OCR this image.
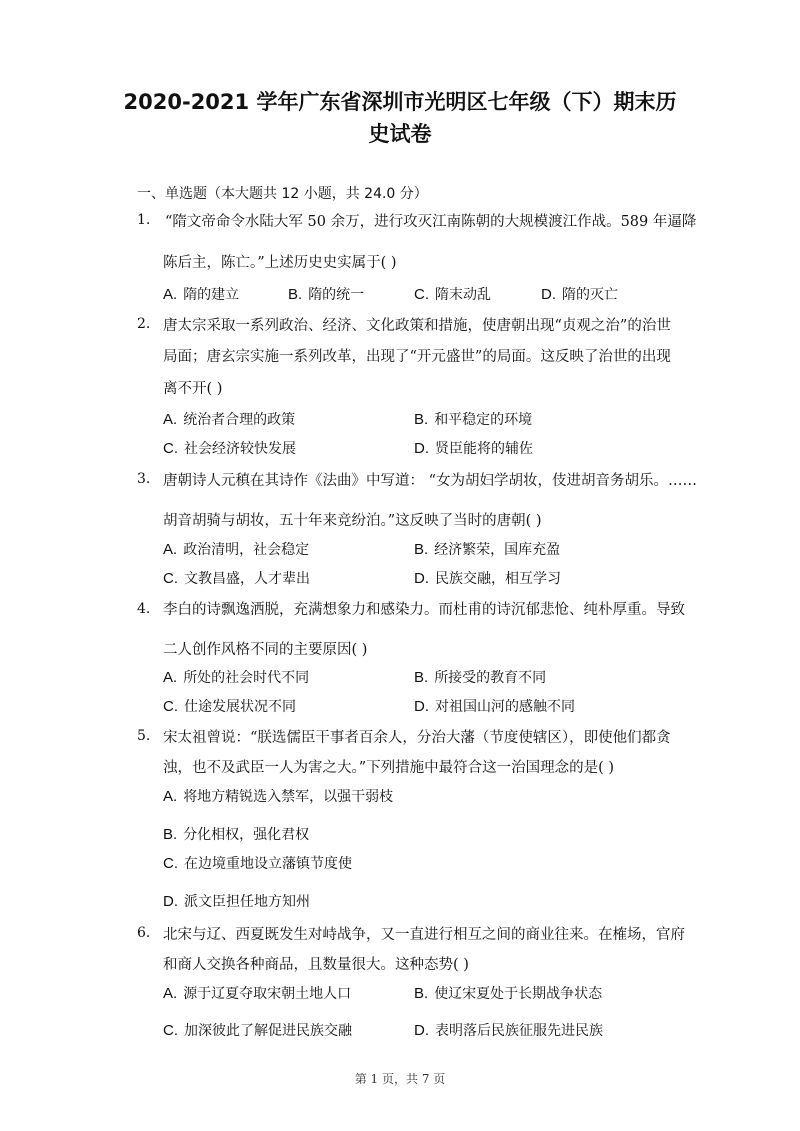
2020-2021 学年广东省深圳市光明区七年级（下）期末历
史试卷
一、单选题（本大题共 12 小题，共 24.0 分）
1. “隋文帝命令水陆大军 50 余万，进行攻灭江南陈朝的大规模渡江作战。589 年逼降
陈后主，陈亡。”上述历史史实属于( )
A. 隋的建立	B. 隋的统一	C. 隋末动乱	D. 隋的灭亡
2. 唐太宗采取一系列政治、经济、文化政策和措施，使唐朝出现“贞观之治”的治世
局面；唐玄宗实施一系列改革，出现了“开元盛世”的局面。这反映了治世的出现
离不开( )
A. 统治者合理的政策	B. 和平稳定的环境
C. 社会经济较快发展	D. 贤臣能将的辅佐
3. 唐朝诗人元稹在其诗作《法曲》中写道： “女为胡妇学胡妆，伎进胡音务胡乐。……
胡音胡骑与胡妆，五十年来竞纷泊。”这反映了当时的唐朝( )
A. 政治清明，社会稳定	B. 经济繁荣，国库充盈
C. 文教昌盛，人才辈出	D. 民族交融，相互学习
4. 李白的诗飘逸洒脱，充满想象力和感染力。而杜甫的诗沉郁悲怆、纯朴厚重。导致
二人创作风格不同的主要原因( )
A. 所处的社会时代不同	B. 所接受的教育不同
C. 仕途发展状况不同	D. 对祖国山河的感触不同
5. 宋太祖曾说：“朕选儒臣干事者百余人，分治大藩（节度使辖区），即使他们都贪
浊，也不及武臣一人为害之大。”下列措施中最符合这一治国理念的是( )
A. 将地方精锐选入禁军，以强干弱枝
B. 分化相权，强化君权
C. 在边境重地设立藩镇节度使
D. 派文臣担任地方知州
6. 北宋与辽、西夏既发生对峙战争，又一直进行相互之间的商业往来。在榷场，官府
和商人交换各种商品，且数量很大。这种态势( )
A. 源于辽夏夺取宋朝土地人口	B. 使辽宋夏处于长期战争状态
C. 加深彼此了解促进民族交融	D. 表明落后民族征服先进民族
第 1 页，共 7 页
